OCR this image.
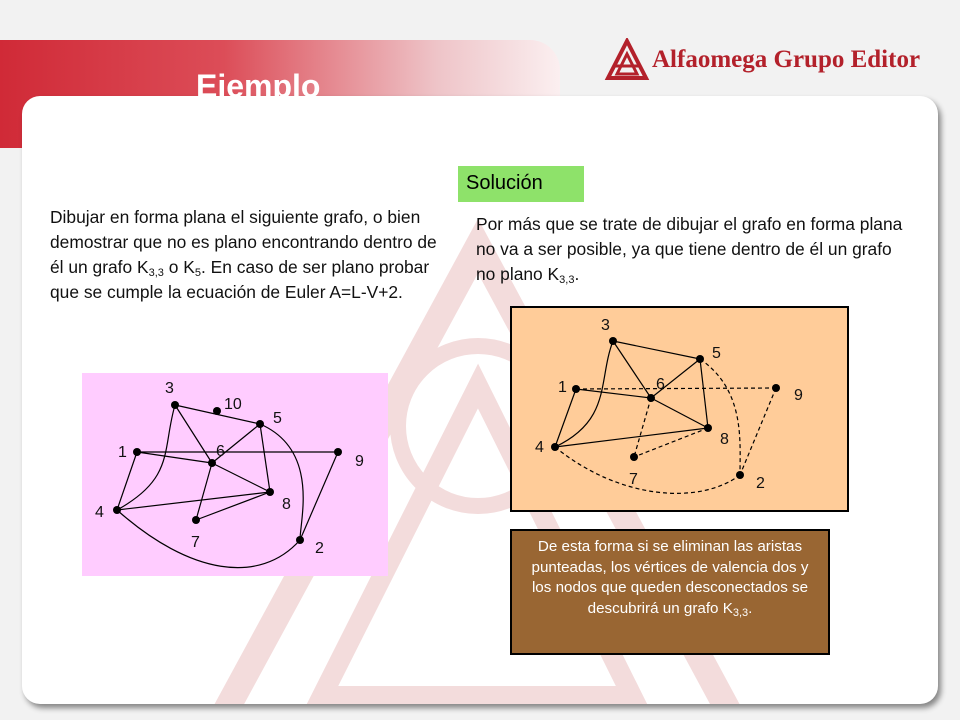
Alfaomega Grupo Editor
Ejemplo
Dibujar en forma plana el siguiente grafo, o bien demostrar que no es plano encontrando dentro de él un grafo $K_{3,3}$ o $K_5$. En caso de ser plano probar que se cumple la ecuación de Euler A=L-V+2.
Solución
Por más que se trate de dibujar el grafo en forma plana no va a ser posible, ya que tiene dentro de él un grafo no plano $K_{3,3}$.
3
10
5
1	6
9
8
4
7	2
3
5
1	6
9
8
4
7	2
De esta forma si se eliminan las aristas punteadas, los vértices de valencia dos y los nodos que queden desconectados se descubrirá un grafo $K_{3,3}$.
